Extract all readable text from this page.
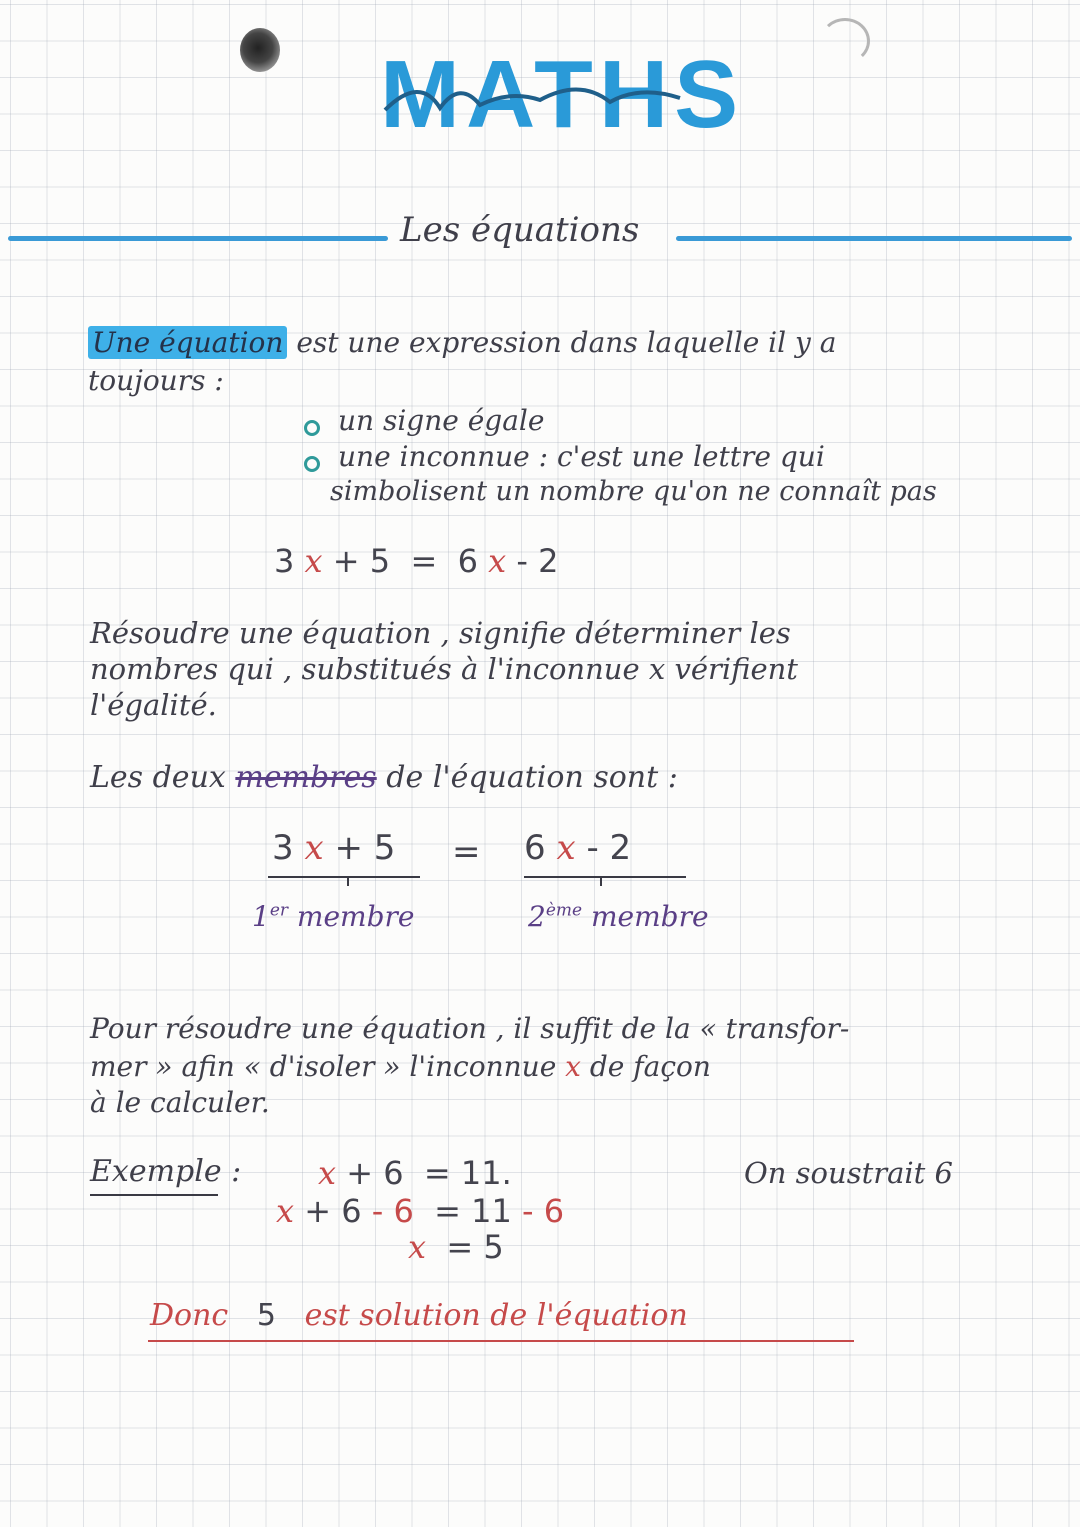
MATHS
Les équations
Une équation est une expression dans laquelle il y a
toujours :
un signe égale
une inconnue : c'est une lettre qui
simbolisent un nombre qu'on ne connaît pas
3 x + 5 = 6 x - 2
Résoudre une équation , signifie déterminer les
nombres qui , substitués à l'inconnue x vérifient
l'égalité.
Les deux membres de l'équation sont :
3 x + 5 = 6 x - 2
1er membre	2ème membre
Pour résoudre une équation , il suffit de la « transfor-
mer » afin « d'isoler » l'inconnue x de façon
à le calculer.
Exemple : x + 6 = 11.	On soustrait 6
x + 6 - 6 = 11 - 6
x = 5
Donc 5 est solution de l'équation
